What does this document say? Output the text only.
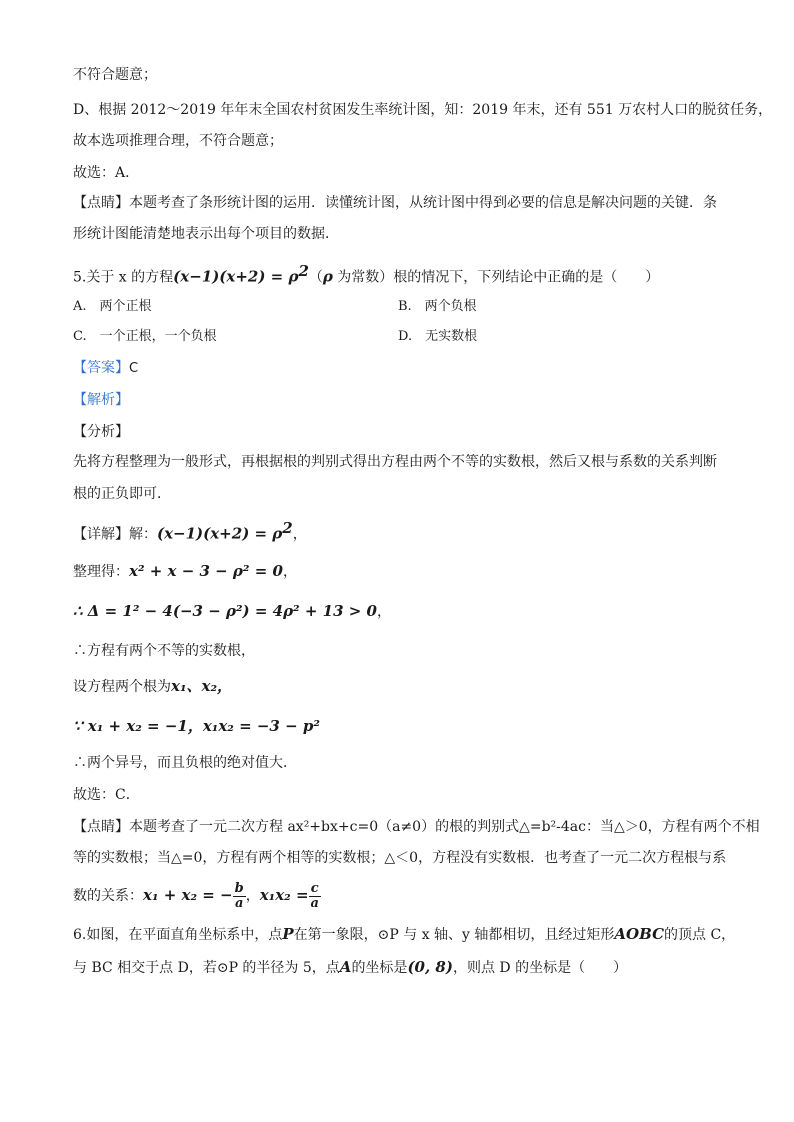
不符合题意；
D、根据 2012～2019 年年末全国农村贫困发生率统计图，知：2019 年末，还有 551 万农村人口的脱贫任务，
故本选项推理合理，不符合题意；
故选：A．
【点睛】本题考查了条形统计图的运用．读懂统计图，从统计图中得到必要的信息是解决问题的关键．条
形统计图能清楚地表示出每个项目的数据．
5.关于 x 的方程$(x-1)(x+2) = \rho^2(\rho$ 为常数）根的情况下，下列结论中正确的是（　　）
A.　两个正根	B.　两个负根
C.　一个正根，一个负根	D.　无实数根
【答案】C
【解析】
【分析】
先将方程整理为一般形式，再根据根的判别式得出方程由两个不等的实数根，然后又根与系数的关系判断
根的正负即可．
【详解】解：$(x-1)(x+2) = \rho^2$，
整理得：x² + x − 3 − ρ² = 0，
∴ Δ = 1² − 4(−3 − ρ²) = 4ρ² + 13 > 0，
∴方程有两个不等的实数根，
设方程两个根为x₁、x₂，
∵ x₁ + x₂ = −1，x₁x₂ = −3 − p²
∴两个异号，而且负根的绝对值大．
故选：C．
【点睛】本题考查了一元二次方程 ax²+bx+c=0（a≠0）的根的判别式△=b²-4ac：当△＞0，方程有两个不相
等的实数根；当△=0，方程有两个相等的实数根；△＜0，方程没有实数根．也考查了一元二次方程根与系
数的关系：x₁ + x₂ = − $\frac{b}{a}$ ，$x_1x_2 = \frac{c}{a}$
6.如图，在平面直角坐标系中，点P在第一象限，⊙P 与 x 轴、y 轴都相切，且经过矩形AOBC的顶点 C，
与 BC 相交于点 D，若⊙P 的半径为 5，点A的坐标是(0, 8)，则点 D 的坐标是（　　）
